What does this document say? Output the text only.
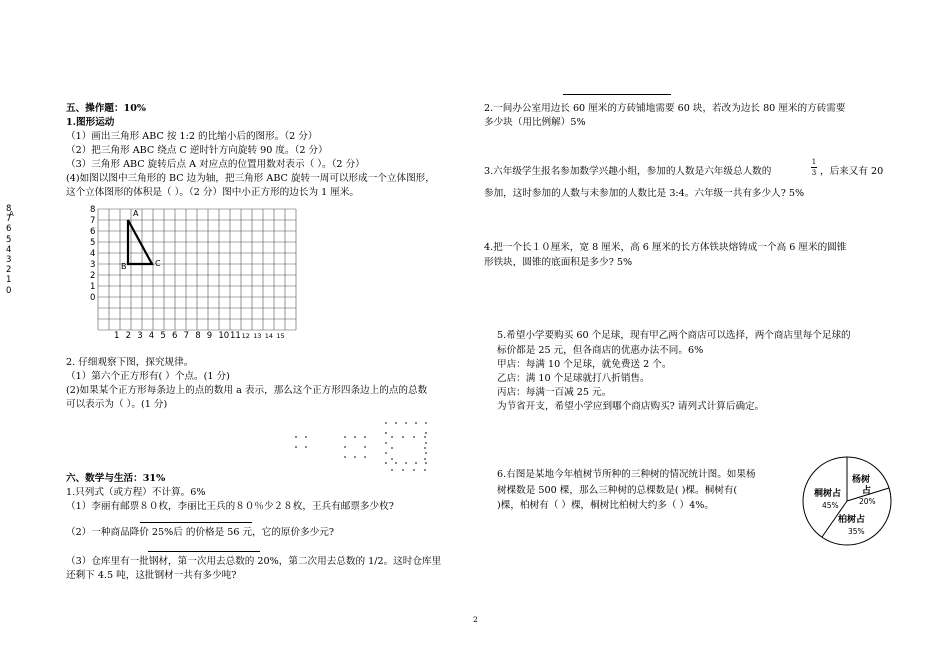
8
7
6
5
4
3
2
1
0
A
五、操作题：10%
1.图形运动
（1）画出三角形 ABC 按 1:2 的比缩小后的图形。（2 分）
（2）把三角形 ABC 绕点 C 逆时针方向旋转 90 度。（2 分）
（3）三角形 ABC 旋转后点 A 对应点的位置用数对表示（ ）。（2 分）
(4)如图以图中三角形的 BC 边为轴，把三角形 ABC 旋转一周可以形成一个立体图形，
这个立体图形的体积是（ ）。（2 分）图中小正方形的边长为 1 厘米。
A
B	C
8
7
6
5
4
3
2
1
0
1 2 3 4 5 6 7 8 9 10 11 12 13 14 15
2. 仔细观察下图，探究规律。
（1）第六个正方形有( ）个点。(1 分)
(2)如果某个正方形每条边上的点的数用 a 表示，那么这个正方形四条边上的点的总数
可以表示为（ ）。(1 分)
六、数学与生活：31%
1.只列式（或方程）不计算。6%
（1）李丽有邮票８０枚，李丽比王兵的８０％少２８枚，王兵有邮票多少枚?
（2）一种商品降价 25%后 的价格是 56 元，它的原价多少元?
（3）仓库里有一批钢材，第一次用去总数的 20%，第二次用去总数的 1/2。这时仓库里
还剩下 4.5 吨，这批钢材一共有多少吨?
2.一间办公室用边长 60 厘米的方砖铺地需要 60 块，若改为边长 80 厘米的方砖需要
多少块（用比例解）5%
3.六年级学生报名参加数学兴趣小组，参加的人数是六年级总人数的
1
3 ，后来又有 20
参加，这时参加的人数与未参加的人数比是 3:4。六年级一共有多少人? 5%
4.把一个长１０厘米，宽 8 厘米，高 6 厘米的长方体铁块熔铸成一个高 6 厘米的圆锥
形铁块，圆锥的底面积是多少? 5%
5.希望小学要购买 60 个足球，现有甲乙两个商店可以选择，两个商店里每个足球的
标价都是 25 元，但各商店的优惠办法不同。6%
甲店：每满 10 个足球，就免费送 2 个。
乙店：满 10 个足球就打八折销售。
丙店：每满一百减 25 元。
为节省开支，希望小学应到哪个商店购买? 请列式计算后确定。
6.右图是某地今年植树节所种的三种树的情况统计图。如果杨
树棵数是 500 棵，那么三种树的总棵数是( )棵。桐树有(
)棵，柏树有（ ）棵，桐树比柏树大约多（ ）4%。
杨树
占
20%
桐树占
45%
柏树占
35%
2
